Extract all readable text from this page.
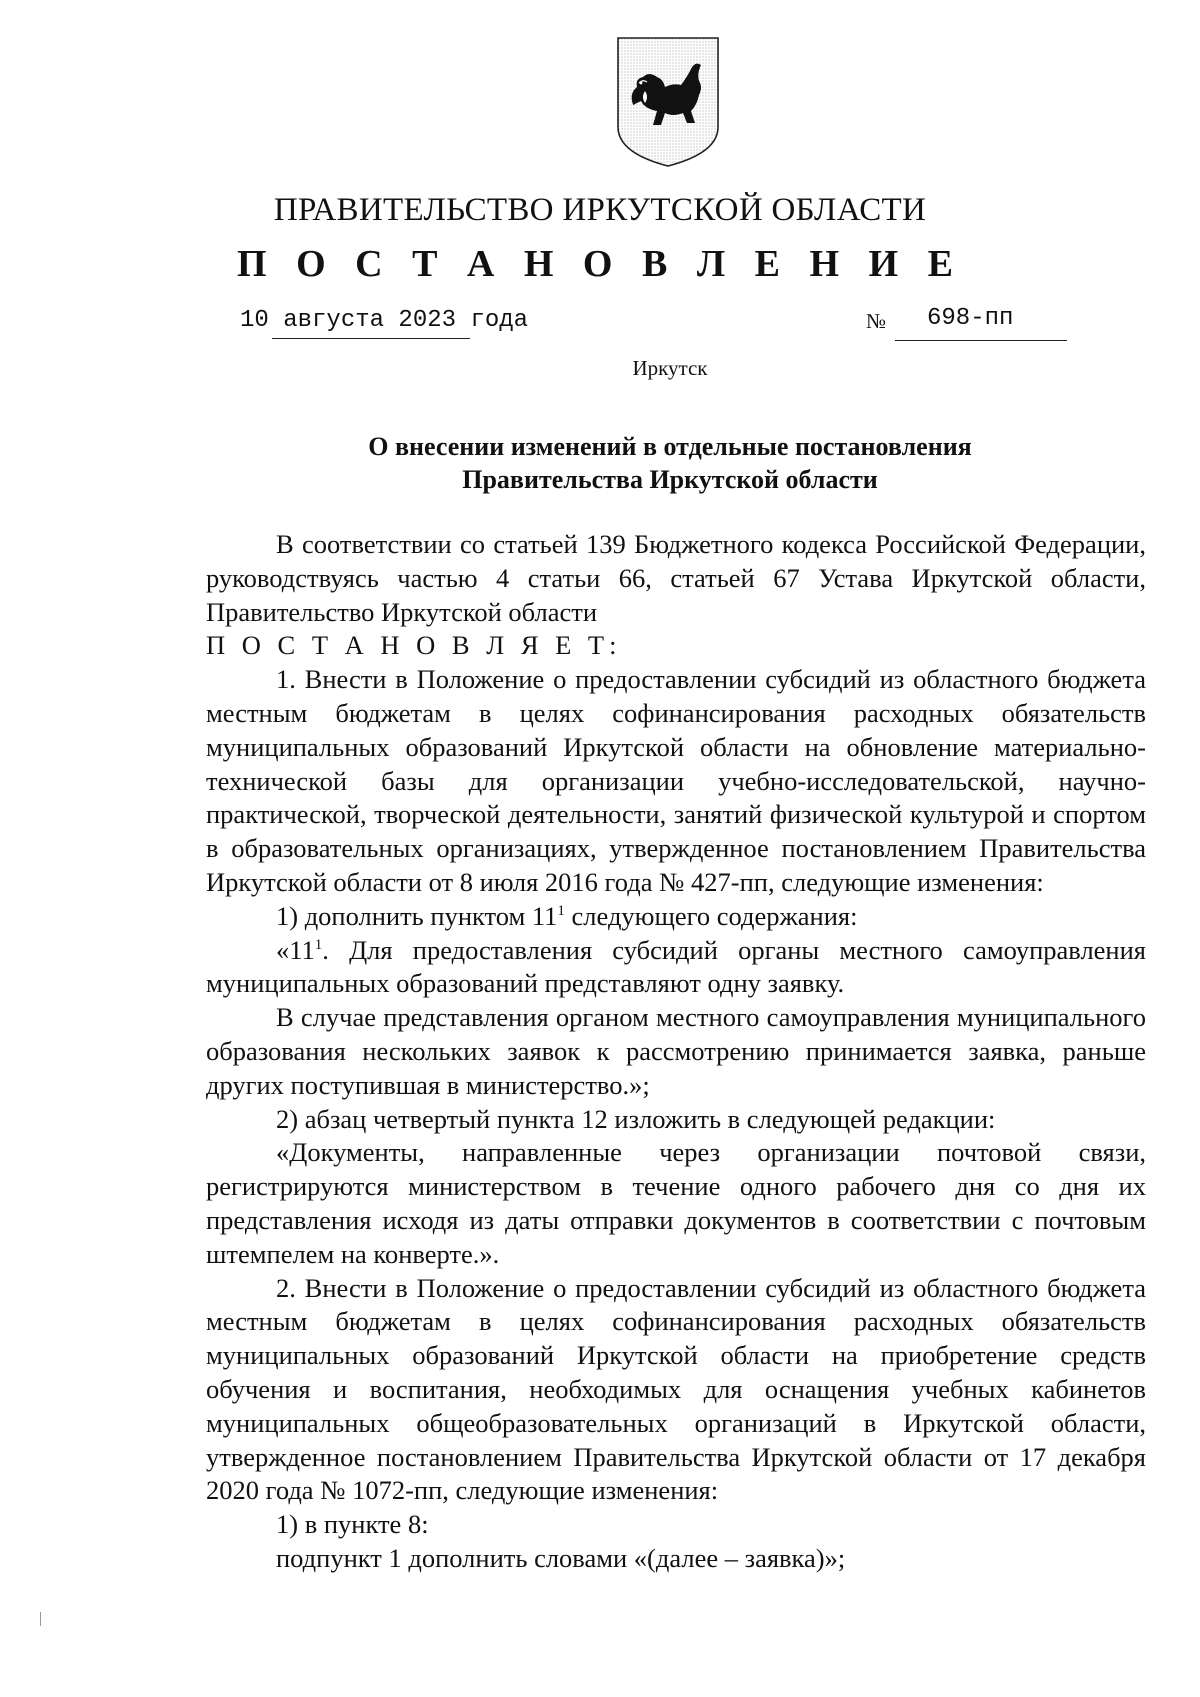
ПРАВИТЕЛЬСТВО ИРКУТСКОЙ ОБЛАСТИ
П О С Т А Н О В Л Е Н И Е
10 августа 2023 года	№ 698-пп
Иркутск
О внесении изменений в отдельные постановления
Правительства Иркутской области

В соответствии со статьей 139 Бюджетного кодекса Российской Федерации, руководствуясь частью 4 статьи 66, статьей 67 Устава Иркутской области, Правительство Иркутской области

П О С Т А Н О В Л Я Е Т:

1. Внести в Положение о предоставлении субсидий из областного бюджета местным бюджетам в целях софинансирования расходных обязательств муниципальных образований Иркутской области на обновление материально-технической базы для организации учебно-исследовательской, научно-практической, творческой деятельности, занятий физической культурой и спортом в образовательных организациях, утвержденное постановлением Правительства Иркутской области от 8 июля 2016 года № 427-пп, следующие изменения:

1) дополнить пунктом $11^1$ следующего содержания:

«$11^1$. Для предоставления субсидий органы местного самоуправления муниципальных образований представляют одну заявку.

В случае представления органом местного самоуправления муниципального образования нескольких заявок к рассмотрению принимается заявка, раньше других поступившая в министерство.»;

2) абзац четвертый пункта 12 изложить в следующей редакции:

«Документы, направленные через организации почтовой связи, регистрируются министерством в течение одного рабочего дня со дня их представления исходя из даты отправки документов в соответствии с почтовым штемпелем на конверте.».

2. Внести в Положение о предоставлении субсидий из областного бюджета местным бюджетам в целях софинансирования расходных обязательств муниципальных образований Иркутской области на приобретение средств обучения и воспитания, необходимых для оснащения учебных кабинетов муниципальных общеобразовательных организаций в Иркутской области, утвержденное постановлением Правительства Иркутской области от 17 декабря 2020 года № 1072-пп, следующие изменения:

1) в пункте 8:

подпункт 1 дополнить словами «(далее – заявка)»;
